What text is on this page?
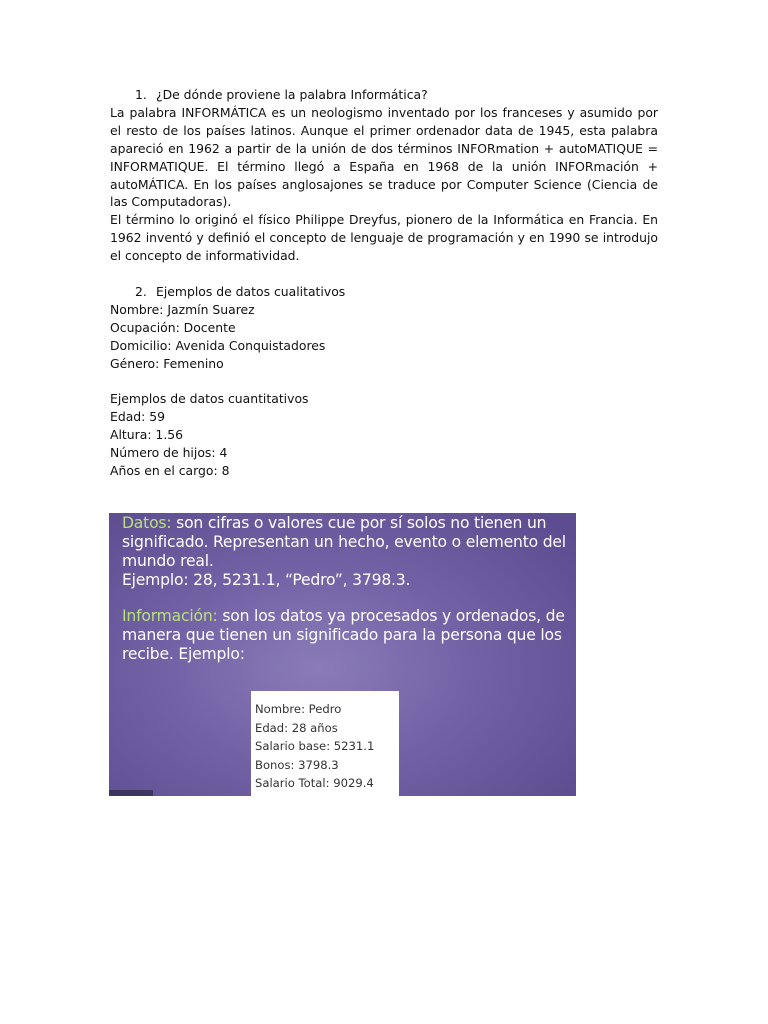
1. ¿De dónde proviene la palabra Informática?

La palabra INFORMÁTICA es un neologismo inventado por los franceses y asumido por el resto de los países latinos. Aunque el primer ordenador data de 1945, esta palabra apareció en 1962 a partir de la unión de dos términos INFORmation + autoMATIQUE = INFORMATIQUE. El término llegó a España en 1968 de la unión INFORmación + autoMÁTICA. En los países anglosajones se traduce por Computer Science (Ciencia de las Computadoras).

El término lo originó el físico Philippe Dreyfus, pionero de la Informática en Francia. En 1962 inventó y definió el concepto de lenguaje de programación y en 1990 se introdujo el concepto de informatividad.

2. Ejemplos de datos cualitativos

Nombre: Jazmín Suarez

Ocupación: Docente

Domicilio: Avenida Conquistadores

Género: Femenino

Ejemplos de datos cuantitativos

Edad: 59

Altura: 1.56

Número de hijos: 4

Años en el cargo: 8

Datos: son cifras o valores cue por sí solos no tienen un significado. Representan un hecho, evento o elemento del mundo real.

Ejemplo: 28, 5231.1, “Pedro”, 3798.3.

Información: son los datos ya procesados y ordenados, de manera que tienen un significado para la persona que los recibe. Ejemplo:

Nombre: Pedro
Edad: 28 años
Salario base: 5231.1
Bonos: 3798.3
Salario Total: 9029.4
